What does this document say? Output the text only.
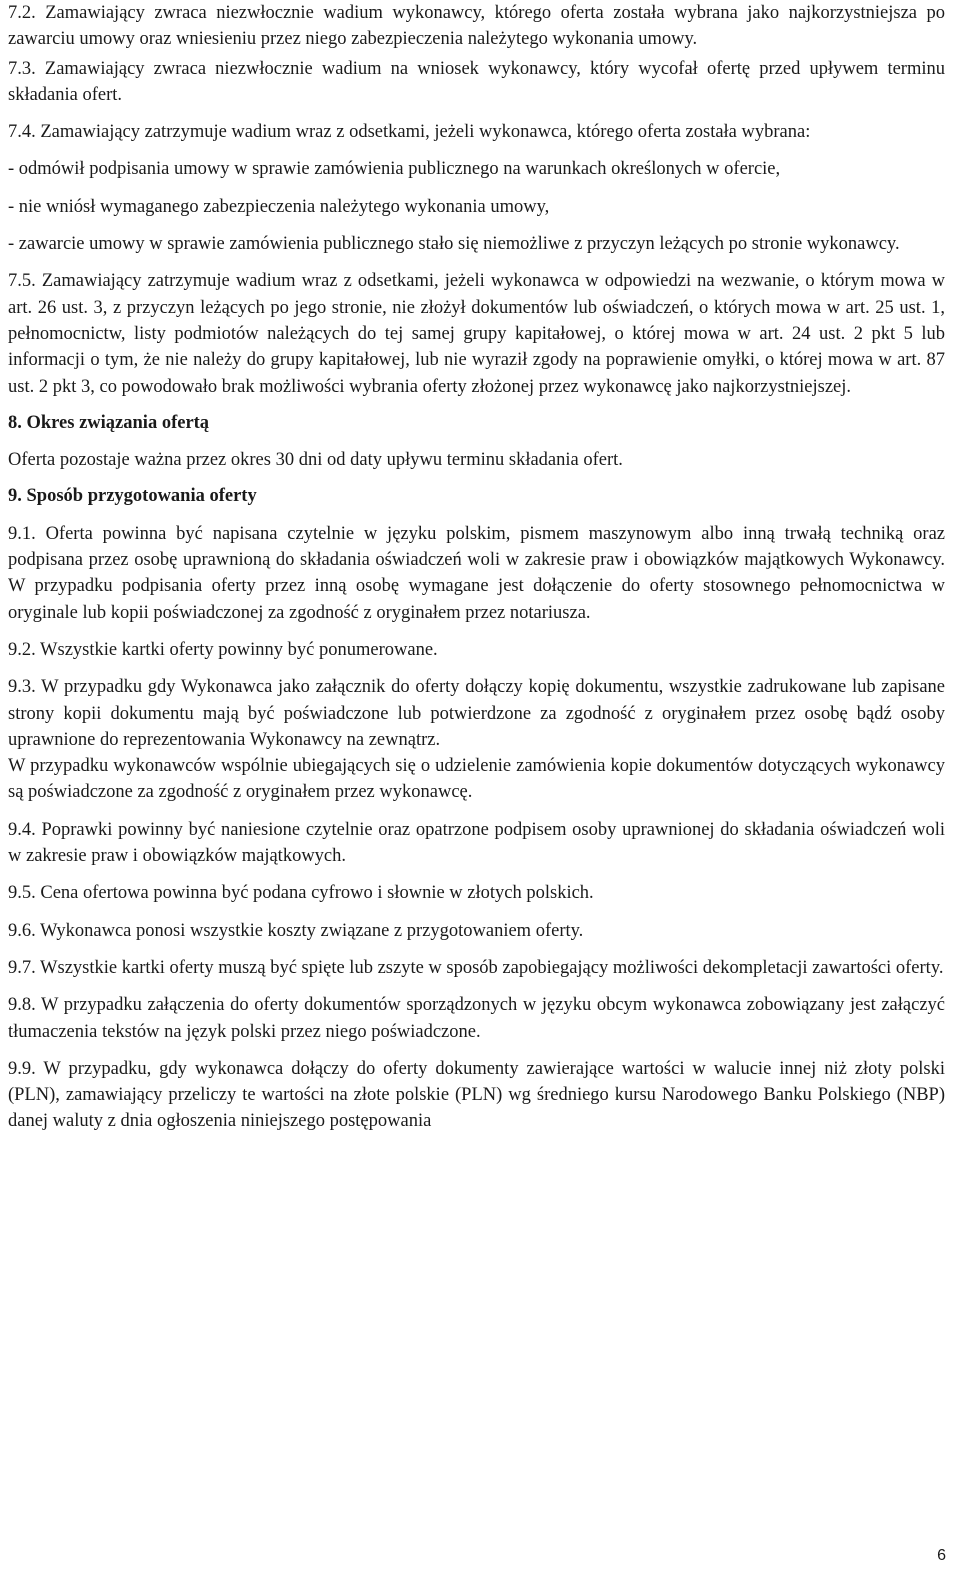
7.2. Zamawiający zwraca niezwłocznie wadium wykonawcy, którego oferta została wybrana jako najkorzystniejsza po zawarciu umowy oraz wniesieniu przez niego zabezpieczenia należytego wykonania umowy.

7.3. Zamawiający zwraca niezwłocznie wadium na wniosek wykonawcy, który wycofał ofertę przed upływem terminu składania ofert.

7.4. Zamawiający zatrzymuje wadium wraz z odsetkami, jeżeli wykonawca, którego oferta została wybrana:

- odmówił podpisania umowy w sprawie zamówienia publicznego na warunkach określonych w ofercie,

- nie wniósł wymaganego zabezpieczenia należytego wykonania umowy,

- zawarcie umowy w sprawie zamówienia publicznego stało się niemożliwe z przyczyn leżących po stronie wykonawcy.

7.5. Zamawiający zatrzymuje wadium wraz z odsetkami, jeżeli wykonawca w odpowiedzi na wezwanie, o którym mowa w art. 26 ust. 3, z przyczyn leżących po jego stronie, nie złożył dokumentów lub oświadczeń, o których mowa w art. 25 ust. 1, pełnomocnictw, listy podmiotów należących do tej samej grupy kapitałowej, o której mowa w art. 24 ust. 2 pkt 5 lub informacji o tym, że nie należy do grupy kapitałowej, lub nie wyraził zgody na poprawienie omyłki, o której mowa w art. 87 ust. 2 pkt 3, co powodowało brak możliwości wybrania oferty złożonej przez wykonawcę jako najkorzystniejszej.

8. Okres związania ofertą

Oferta pozostaje ważna przez okres 30 dni od daty upływu terminu składania ofert.

9. Sposób przygotowania oferty

9.1. Oferta powinna być napisana czytelnie w języku polskim, pismem maszynowym albo inną trwałą techniką oraz podpisana przez osobę uprawnioną do składania oświadczeń woli w zakresie praw i obowiązków majątkowych Wykonawcy. W przypadku podpisania oferty przez inną osobę wymagane jest dołączenie do oferty stosownego pełnomocnictwa w oryginale lub kopii poświadczonej za zgodność z oryginałem przez notariusza.

9.2. Wszystkie kartki oferty powinny być ponumerowane.

9.3. W przypadku gdy Wykonawca jako załącznik do oferty dołączy kopię dokumentu, wszystkie zadrukowane lub zapisane strony kopii dokumentu mają być poświadczone lub potwierdzone za zgodność z oryginałem przez osobę bądź osoby uprawnione do reprezentowania Wykonawcy na zewnątrz.

W przypadku wykonawców wspólnie ubiegających się o udzielenie zamówienia kopie dokumentów dotyczących wykonawcy są poświadczone za zgodność z oryginałem przez wykonawcę.

9.4. Poprawki powinny być naniesione czytelnie oraz opatrzone podpisem osoby uprawnionej do składania oświadczeń woli w zakresie praw i obowiązków majątkowych.

9.5. Cena ofertowa powinna być podana cyfrowo i słownie w złotych polskich.

9.6. Wykonawca ponosi wszystkie koszty związane z przygotowaniem oferty.

9.7. Wszystkie kartki oferty muszą być spięte lub zszyte w sposób zapobiegający możliwości dekompletacji zawartości oferty.

9.8. W przypadku załączenia do oferty dokumentów sporządzonych w języku obcym wykonawca zobowiązany jest załączyć tłumaczenia tekstów na język polski przez niego poświadczone.

9.9. W przypadku, gdy wykonawca dołączy do oferty dokumenty zawierające wartości w walucie innej niż złoty polski (PLN), zamawiający przeliczy te wartości na złote polskie (PLN) wg średniego kursu Narodowego Banku Polskiego (NBP) danej waluty z dnia ogłoszenia niniejszego postępowania

6
